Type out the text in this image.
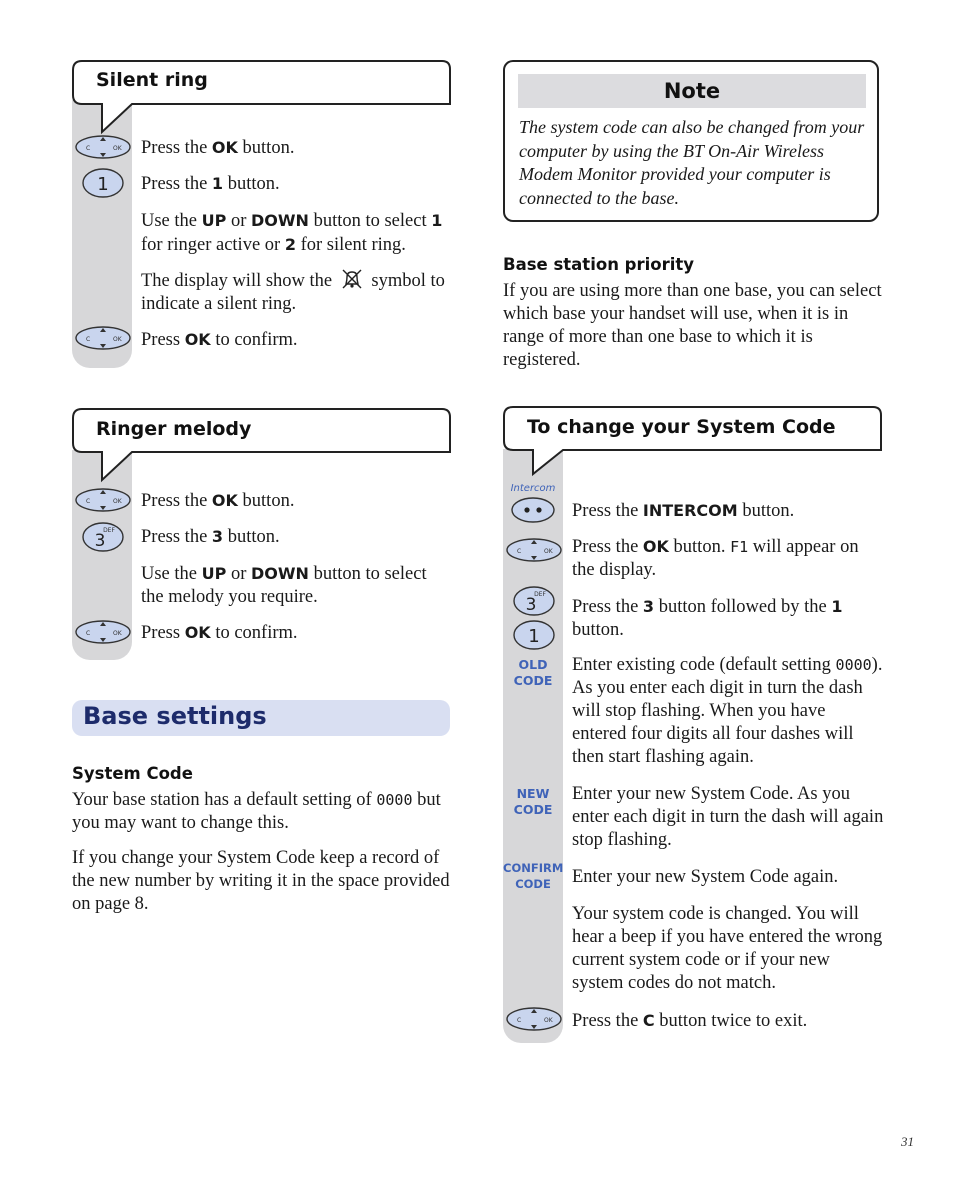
Silent ring
C	OK Press the OK button.
1 Press the 1 button.
Use the UP or DOWN button to select 1 for ringer active or 2 for silent ring.
The display will show the  symbol to indicate a silent ring.
C	OK Press OK to confirm.
Ringer melody
C	OK Press the OK button.
3
DEF Press the 3 button.
Use the UP or DOWN button to select the melody you require.
C	OK Press OK to confirm.
Base settings
System Code
Your base station has a default setting of 0000 but you may want to change this.
If you change your System Code keep a record of the new number by writing it in the space provided on page 8.
Note
The system code can also be changed from your computer by using the BT On-Air Wireless Modem Monitor provided your computer is connected to the base.
Base station priority
If you are using more than one base, you can select which base your handset will use, when it is in range of more than one base to which it is registered.
To change your System Code
Intercom
Press the INTERCOM button.
C	OK Press the OK button. F1 will appear on the display.
3
DEF
1
Press the 3 button followed by the 1 button.
OLD
CODE
Enter existing code (default setting 0000). As you enter each digit in turn the dash will stop flashing. When you have entered four digits all four dashes will then start flashing again.
NEW
CODE
Enter your new System Code. As you enter each digit in turn the dash will again stop flashing.
CONFIRM
CODE	Enter your new System Code again.
Your system code is changed. You will hear a beep if you have entered the wrong current system code or if your new system codes do not match.
C	OK Press the C button twice to exit.
31
